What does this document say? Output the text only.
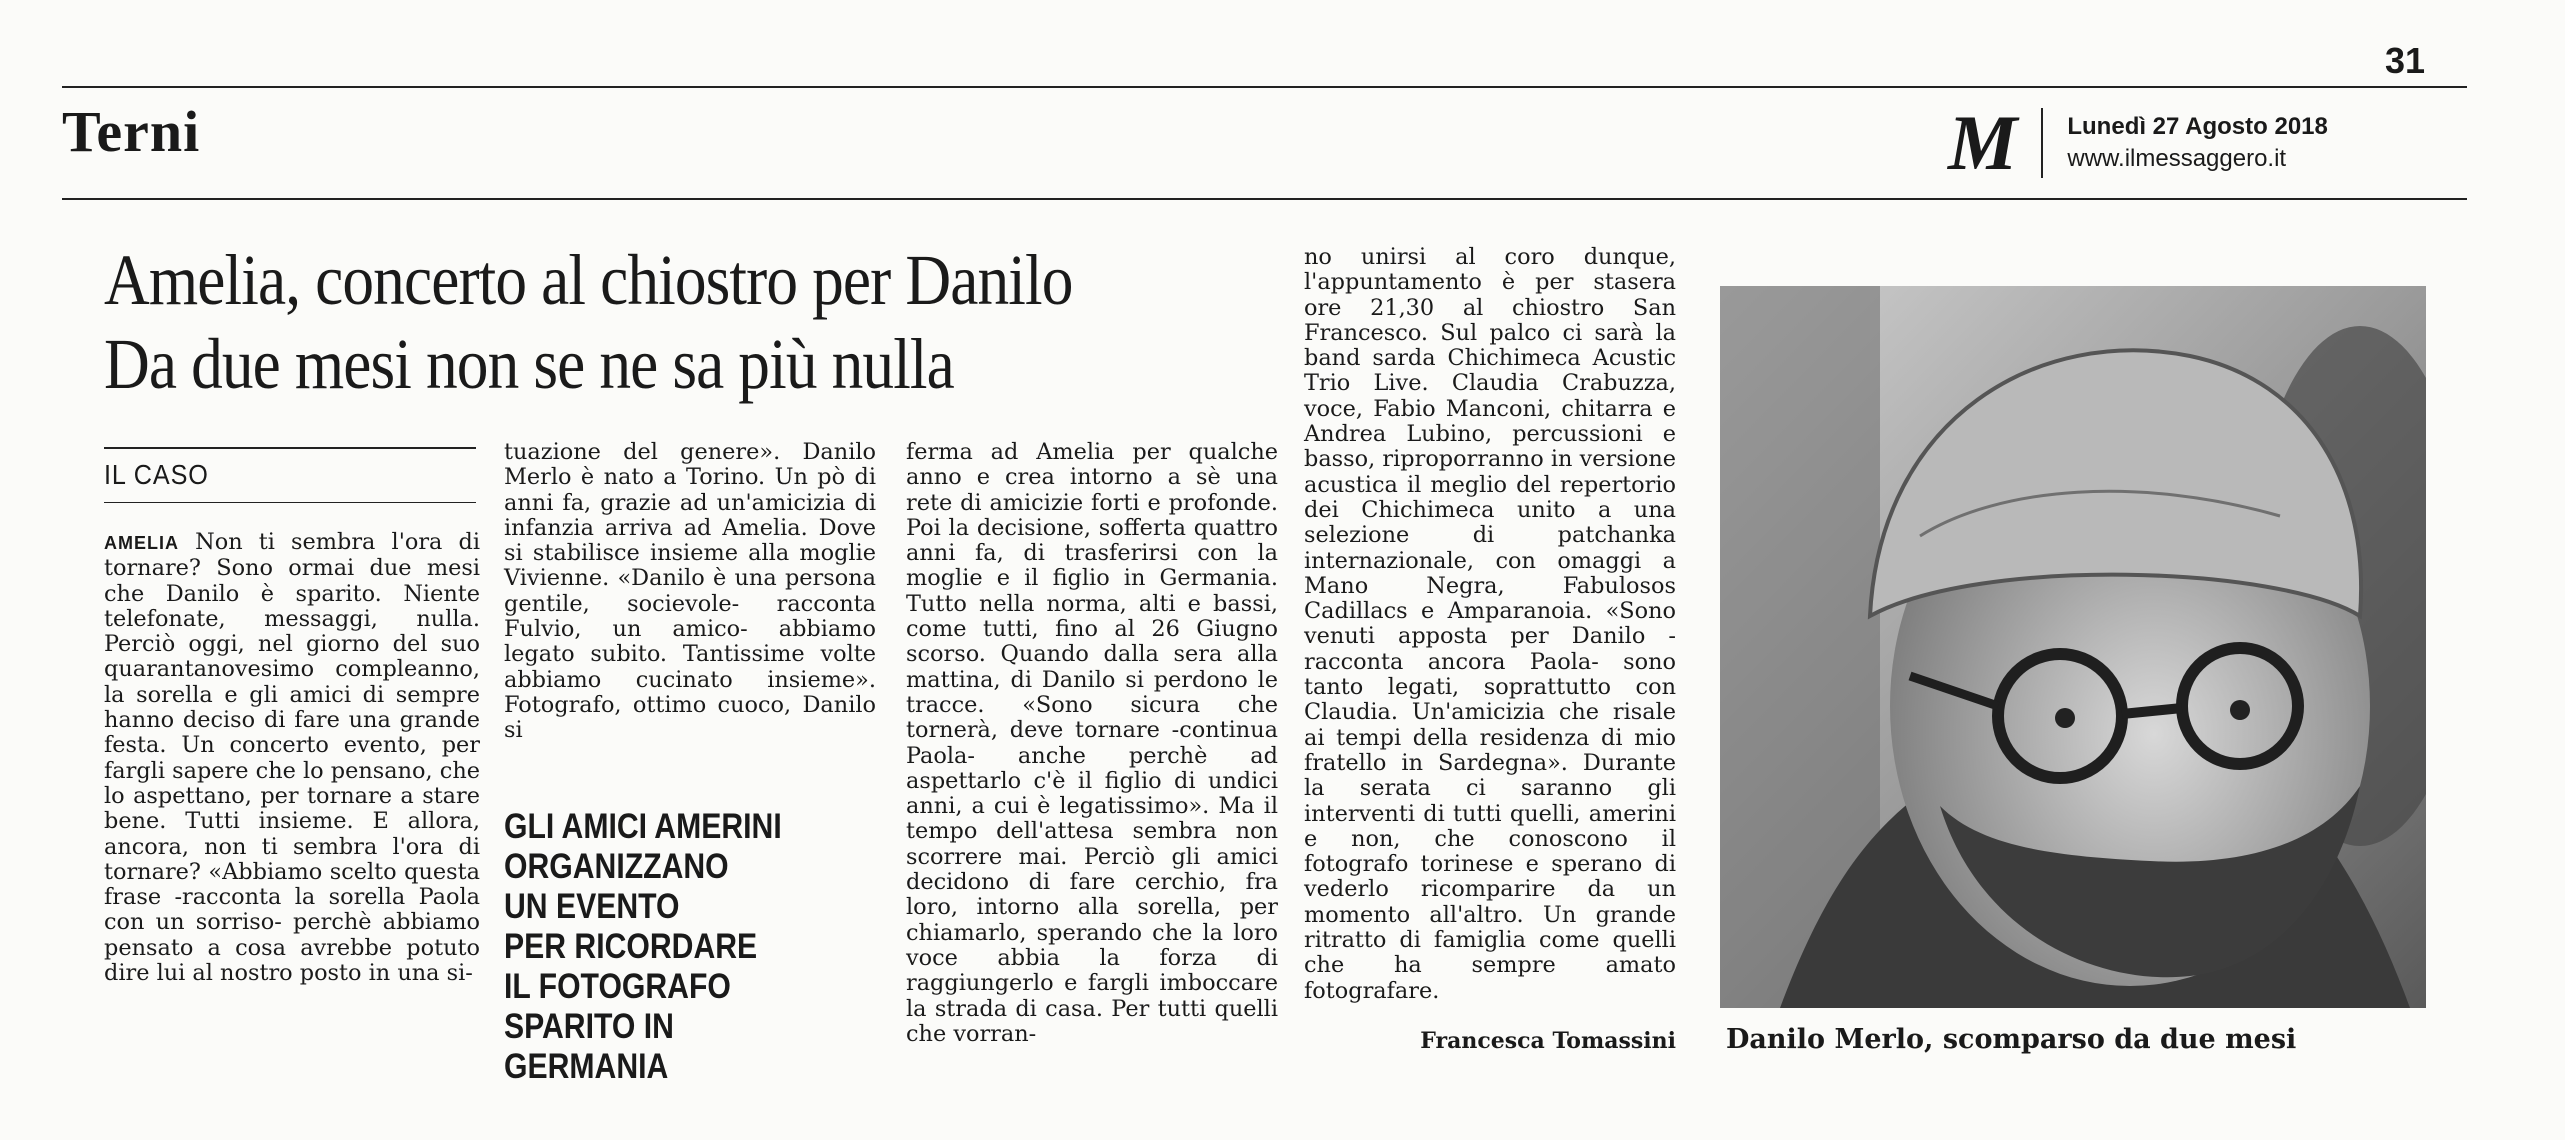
31
Terni	M	Lunedì 27 Agosto 2018
www.ilmessaggero.it
Amelia, concerto al chiostro per Danilo
Da due mesi non se ne sa più nulla
IL CASO

AMELIA Non ti sembra l'ora di tornare? Sono ormai due mesi che Danilo è sparito. Niente telefonate, messaggi, nulla. Perciò oggi, nel giorno del suo quarantanovesimo compleanno, la sorella e gli amici di sempre hanno deciso di fare una grande festa. Un concerto evento, per fargli sapere che lo pensano, che lo aspettano, per tornare a stare bene. Tutti insieme. E allora, ancora, non ti sembra l'ora di tornare? «Abbiamo scelto questa frase -racconta la sorella Paola con un sorriso- perchè abbiamo pensato a cosa avrebbe potuto dire lui al nostro posto in una si-

tuazione del genere». Danilo Merlo è nato a Torino. Un pò di anni fa, grazie ad un'amicizia di infanzia arriva ad Amelia. Dove si stabilisce insieme alla moglie Vivienne. «Danilo è una persona gentile, socievole- racconta Fulvio, un amico- abbiamo legato subito. Tantissime volte abbiamo cucinato insieme». Fotografo, ottimo cuoco, Danilo si

GLI AMICI AMERINI
ORGANIZZANO
UN EVENTO
PER RICORDARE
IL FOTOGRAFO
SPARITO IN GERMANIA

ferma ad Amelia per qualche anno e crea intorno a sè una rete di amicizie forti e profonde. Poi la decisione, sofferta quattro anni fa, di trasferirsi con la moglie e il figlio in Germania. Tutto nella norma, alti e bassi, come tutti, fino al 26 Giugno scorso. Quando dalla sera alla mattina, di Danilo si perdono le tracce. «Sono sicura che tornerà, deve tornare -continua Paola- anche perchè ad aspettarlo c'è il figlio di undici anni, a cui è legatissimo». Ma il tempo dell'attesa sembra non scorrere mai. Perciò gli amici decidono di fare cerchio, fra loro, intorno alla sorella, per chiamarlo, sperando che la loro voce abbia la forza di raggiungerlo e fargli imboccare la strada di casa. Per tutti quelli che vorran-

no unirsi al coro dunque, l'appuntamento è per stasera ore 21,30 al chiostro San Francesco. Sul palco ci sarà la band sarda Chichimeca Acustic Trio Live. Claudia Crabuzza, voce, Fabio Manconi, chitarra e Andrea Lubino, percussioni e basso, riproporranno in versione acustica il meglio del repertorio dei Chichimeca unito a una selezione di patchanka internazionale, con omaggi a Mano Negra, Fabulosos Cadillacs e Amparanoia. «Sono venuti apposta per Danilo - racconta ancora Paola- sono tanto legati, soprattutto con Claudia. Un'amicizia che risale ai tempi della residenza di mio fratello in Sardegna». Durante la serata ci saranno gli interventi di tutti quelli, amerini e non, che conoscono il fotografo torinese e sperano di vederlo ricomparire da un momento all'altro. Un grande ritratto di famiglia come quelli che ha sempre amato fotografare.

Francesca Tomassini Danilo Merlo, scomparso da due mesi
